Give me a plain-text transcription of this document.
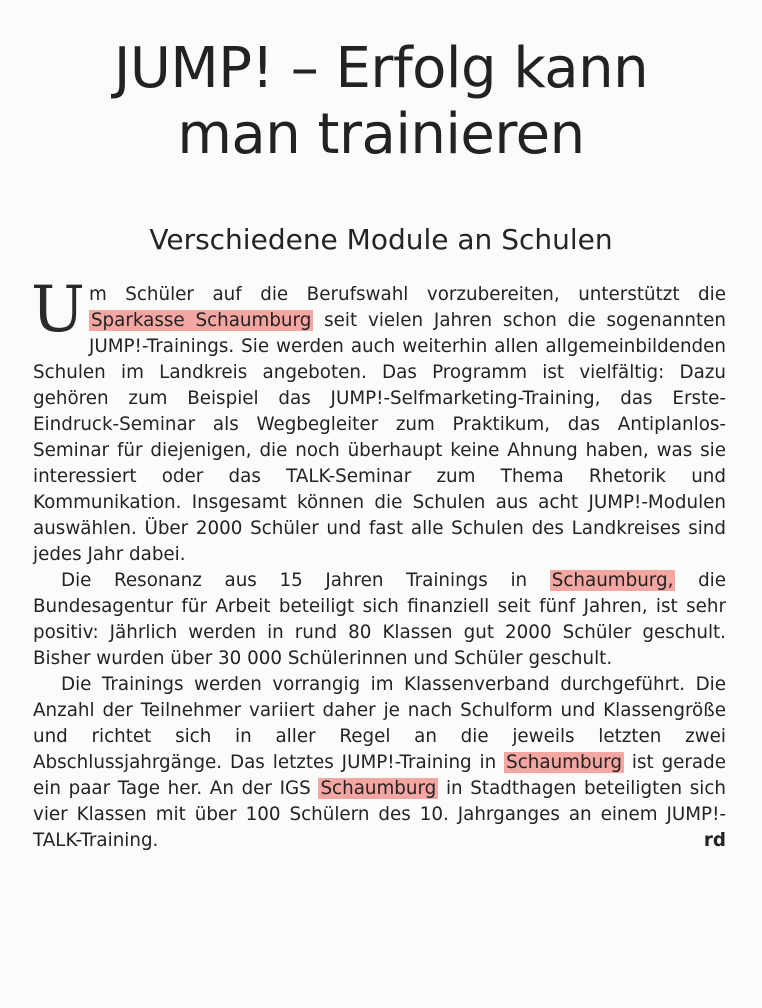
JUMP! – Erfolg kann
man trainieren
Verschiedene Module an Schulen

Um Schüler auf die Berufswahl vorzubereiten, unterstützt die Sparkasse Schaumburg seit vielen Jahren schon die sogenannten JUMP!-Trainings. Sie werden auch weiterhin allen allgemeinbildenden Schulen im Landkreis angeboten. Das Programm ist vielfältig: Dazu gehören zum Beispiel das JUMP!-Selfmarketing-Training, das Erste-Eindruck-Seminar als Wegbegleiter zum Praktikum, das Antiplanlos-Seminar für diejenigen, die noch überhaupt keine Ahnung haben, was sie interessiert oder das TALK-Seminar zum Thema Rhetorik und Kommunikation. Insgesamt können die Schulen aus acht JUMP!-Modulen auswählen. Über 2000 Schüler und fast alle Schulen des Landkreises sind jedes Jahr dabei.

Die Resonanz aus 15 Jahren Trainings in Schaumburg, die Bundesagentur für Arbeit beteiligt sich finanziell seit fünf Jahren, ist sehr positiv: Jährlich werden in rund 80 Klassen gut 2000 Schüler geschult. Bisher wurden über 30 000 Schülerinnen und Schüler geschult.

Die Trainings werden vorrangig im Klassenverband durchgeführt. Die Anzahl der Teilnehmer variiert daher je nach Schulform und Klassengröße und richtet sich in aller Regel an die jeweils letzten zwei Abschlussjahrgänge. Das letztes JUMP!-Training in Schaumburg ist gerade ein paar Tage her. An der IGS Schaumburg in Stadthagen beteiligten sich vier Klassen mit über 100 Schülern des 10. Jahrganges an einem JUMP!-TALK-Training.	rd
